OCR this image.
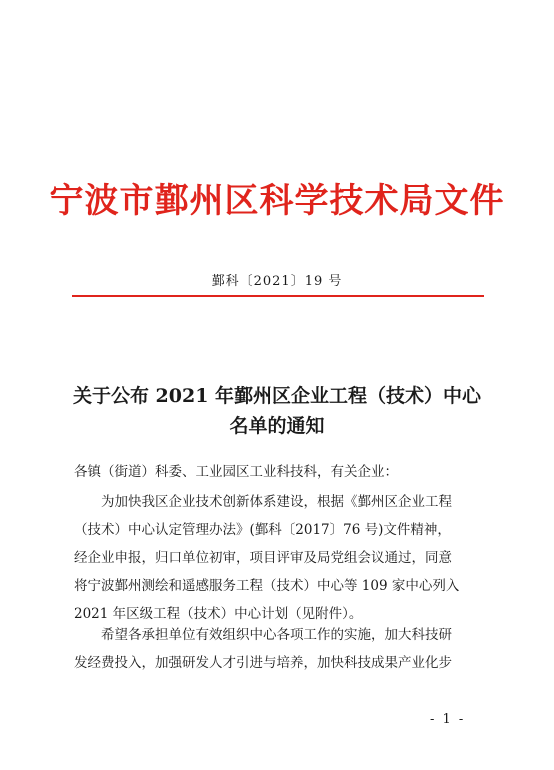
宁波市鄞州区科学技术局文件
鄞科〔2021〕19 号
关于公布 2021 年鄞州区企业工程（技术）中心
名单的通知
各镇（街道）科委、工业园区工业科技科，有关企业：
为加快我区企业技术创新体系建设，根据《鄞州区企业工程
（技术）中心认定管理办法》(鄞科〔2017〕76 号)文件精神，
经企业申报，归口单位初审，项目评审及局党组会议通过，同意
将宁波鄞州测绘和遥感服务工程（技术）中心等 109 家中心列入
2021 年区级工程（技术）中心计划（见附件）。
希望各承担单位有效组织中心各项工作的实施，加大科技研
发经费投入，加强研发人才引进与培养，加快科技成果产业化步
- 1 -
